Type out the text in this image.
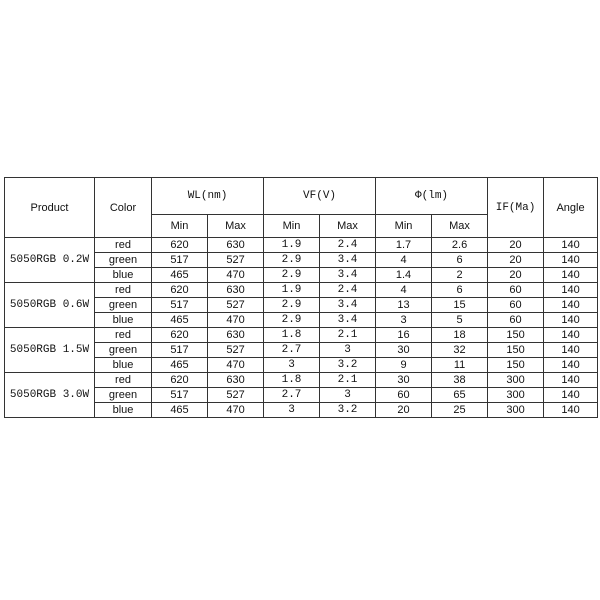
Product	Color	WL(nm)		VF(V)		Φ(lm)		IF(Ma)	Angle
		Min	Max	Min	Max	Min	Max		
5050RGB 0.2W	red	620	630	1.9	2.4	1.7	2.6	20	140
	green	517	527	2.9	3.4	4	6	20	140
	blue	465	470	2.9	3.4	1.4	2	20	140
5050RGB 0.6W	red	620	630	1.9	2.4	4	6	60	140
	green	517	527	2.9	3.4	13	15	60	140
	blue	465	470	2.9	3.4	3	5	60	140
5050RGB 1.5W	red	620	630	1.8	2.1	16	18	150	140
	green	517	527	2.7	3	30	32	150	140
	blue	465	470	3	3.2	9	11	150	140
5050RGB 3.0W	red	620	630	1.8	2.1	30	38	300	140
	green	517	527	2.7	3	60	65	300	140
	blue	465	470	3	3.2	20	25	300	140
